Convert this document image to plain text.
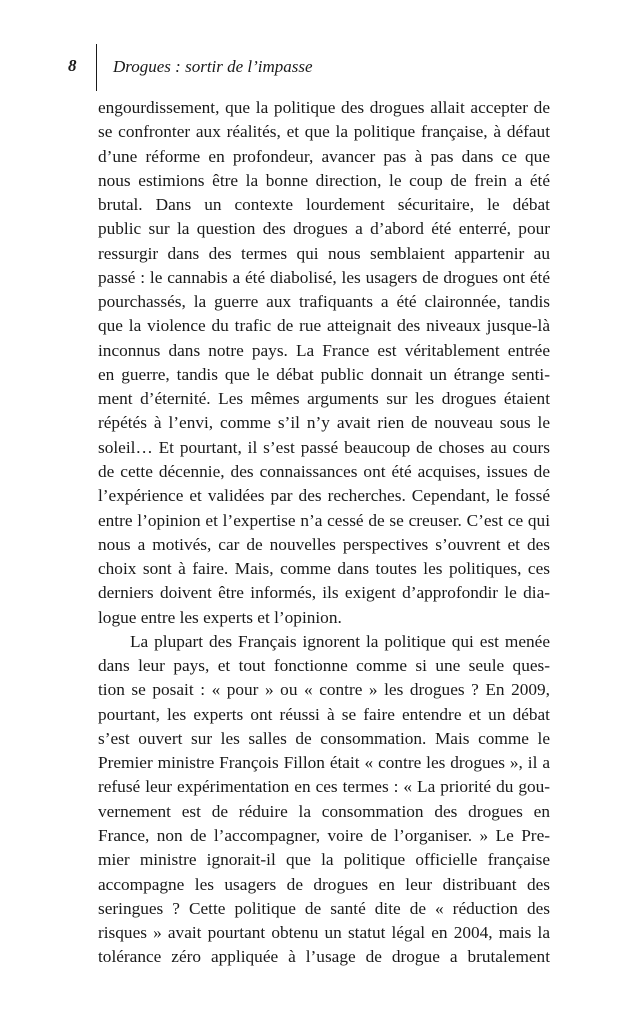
8 Drogues : sortir de l’impasse
engourdissement, que la politique des drogues allait accepter de
se confronter aux réalités, et que la politique française, à défaut
d’une réforme en profondeur, avancer pas à pas dans ce que
nous estimions être la bonne direction, le coup de frein a été
brutal. Dans un contexte lourdement sécuritaire, le débat
public sur la question des drogues a d’abord été enterré, pour
ressurgir dans des termes qui nous semblaient appartenir au
passé : le cannabis a été diabolisé, les usagers de drogues ont été
pourchassés, la guerre aux trafiquants a été claironnée, tandis
que la violence du trafic de rue atteignait des niveaux jusque-là
inconnus dans notre pays. La France est véritablement entrée
en guerre, tandis que le débat public donnait un étrange senti-
ment d’éternité. Les mêmes arguments sur les drogues étaient
répétés à l’envi, comme s’il n’y avait rien de nouveau sous le
soleil… Et pourtant, il s’est passé beaucoup de choses au cours
de cette décennie, des connaissances ont été acquises, issues de
l’expérience et validées par des recherches. Cependant, le fossé
entre l’opinion et l’expertise n’a cessé de se creuser. C’est ce qui
nous a motivés, car de nouvelles perspectives s’ouvrent et des
choix sont à faire. Mais, comme dans toutes les politiques, ces
derniers doivent être informés, ils exigent d’approfondir le dia-
logue entre les experts et l’opinion.
La plupart des Français ignorent la politique qui est menée
dans leur pays, et tout fonctionne comme si une seule ques-
tion se posait : « pour » ou « contre » les drogues ? En 2009,
pourtant, les experts ont réussi à se faire entendre et un débat
s’est ouvert sur les salles de consommation. Mais comme le
Premier ministre François Fillon était « contre les drogues », il a
refusé leur expérimentation en ces termes : « La priorité du gou-
vernement est de réduire la consommation des drogues en
France, non de l’accompagner, voire de l’organiser. » Le Pre-
mier ministre ignorait-il que la politique officielle française
accompagne les usagers de drogues en leur distribuant des
seringues ? Cette politique de santé dite de « réduction des
risques » avait pourtant obtenu un statut légal en 2004, mais la
tolérance zéro appliquée à l’usage de drogue a brutalement
